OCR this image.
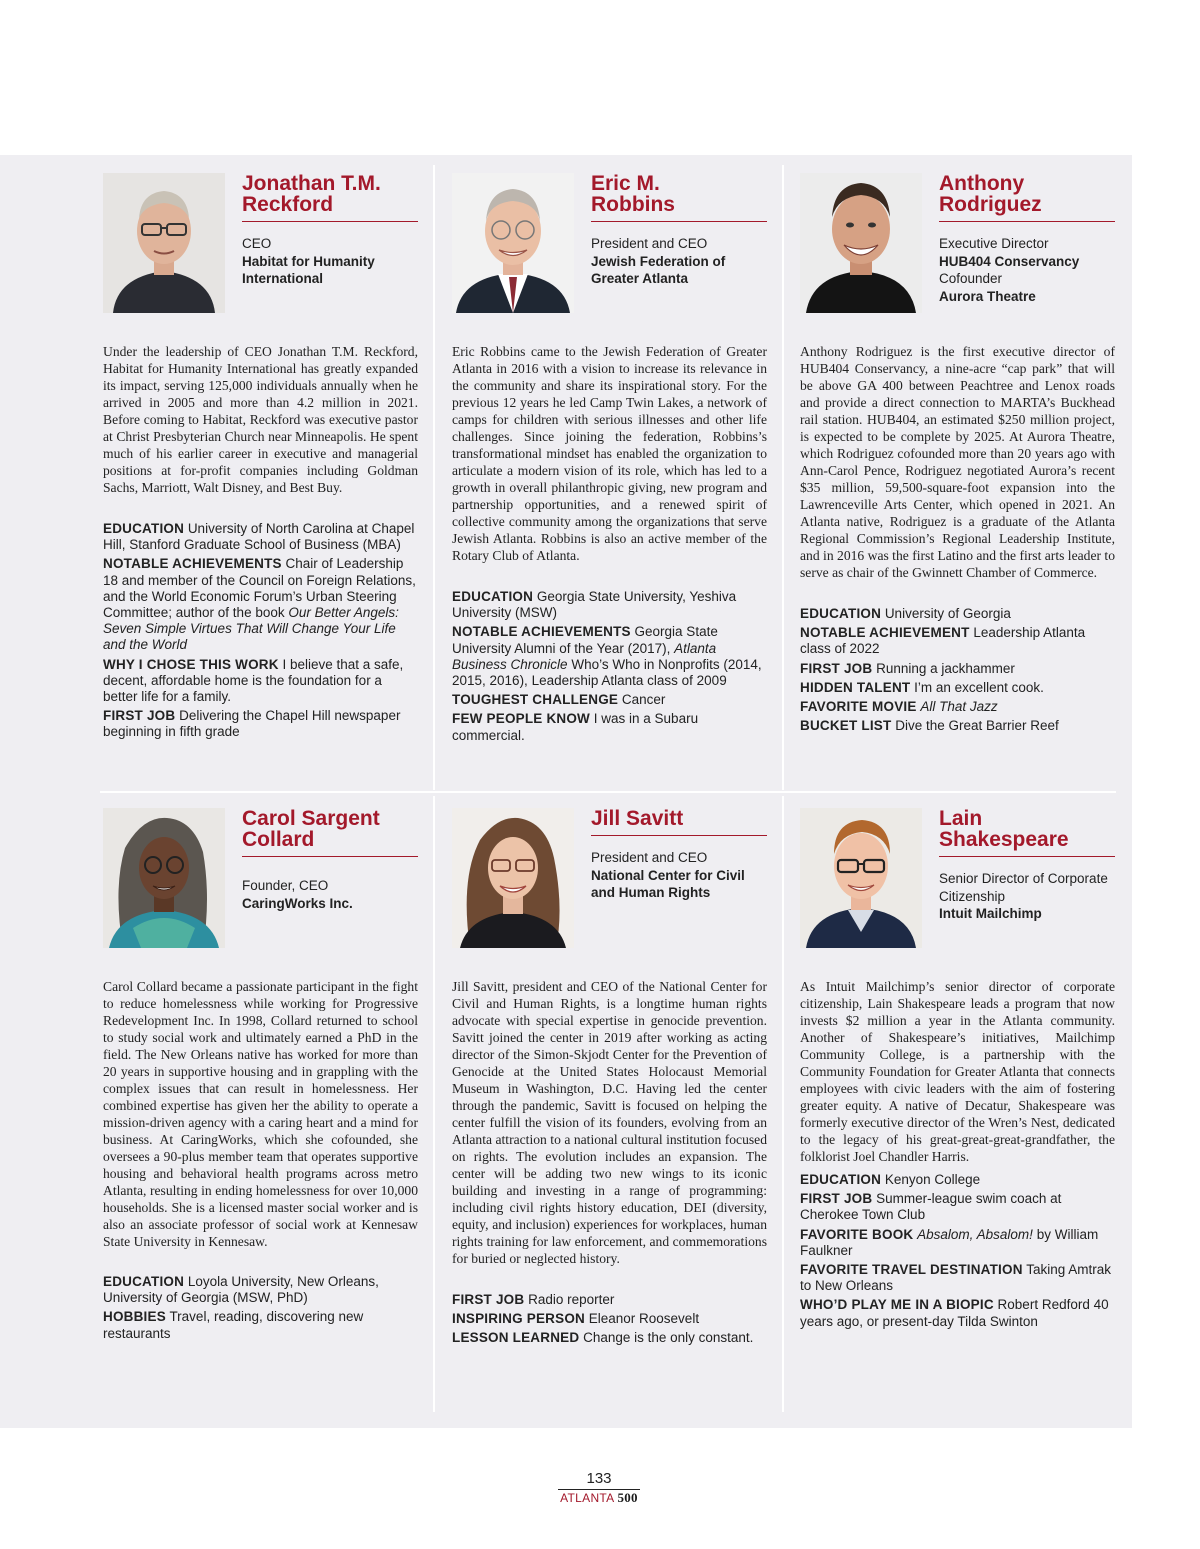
Jonathan T.M.
Reckford
CEO
Habitat for Humanity International

Under the leadership of CEO Jonathan T.M. Reckford, Habitat for Humanity International has greatly expanded its impact, serving 125,000 individuals annually when he arrived in 2005 and more than 4.2 million in 2021. Before coming to Habitat, Reckford was executive pastor at Christ Presbyterian Church near Minneapolis. He spent much of his earlier career in executive and managerial positions at for-profit companies including Goldman Sachs, Marriott, Walt Disney, and Best Buy.

EDUCATION University of North Carolina at Chapel Hill, Stanford Graduate School of Business (MBA)

NOTABLE ACHIEVEMENTS Chair of Leadership 18 and member of the Council on Foreign Relations, and the World Economic Forum’s Urban Steering Committee; author of the book Our Better Angels: Seven Simple Virtues That Will Change Your Life and the World

WHY I CHOSE THIS WORK I believe that a safe, decent, affordable home is the foundation for a better life for a family.

FIRST JOB Delivering the Chapel Hill newspaper beginning in fifth grade

Eric M.
Robbins
President and CEO
Jewish Federation of Greater Atlanta

Eric Robbins came to the Jewish Federation of Greater Atlanta in 2016 with a vision to increase its relevance in the community and share its inspirational story. For the previous 12 years he led Camp Twin Lakes, a network of camps for children with serious illnesses and other life challenges. Since joining the federation, Robbins’s transformational mindset has enabled the organization to articulate a modern vision of its role, which has led to a growth in overall philanthropic giving, new program and partnership opportunities, and a renewed spirit of collective community among the organizations that serve Jewish Atlanta. Robbins is also an active member of the Rotary Club of Atlanta.

EDUCATION Georgia State University, Yeshiva University (MSW)

NOTABLE ACHIEVEMENTS Georgia State University Alumni of the Year (2017), Atlanta Business Chronicle Who’s Who in Nonprofits (2014, 2015, 2016), Leadership Atlanta class of 2009

TOUGHEST CHALLENGE Cancer

FEW PEOPLE KNOW I was in a Subaru commercial.

Anthony
Rodriguez
Executive Director
HUB404 Conservancy
Cofounder
Aurora Theatre

Anthony Rodriguez is the first executive director of HUB404 Conservancy, a nine-acre “cap park” that will be above GA 400 between Peachtree and Lenox roads and provide a direct connection to MARTA’s Buckhead rail station. HUB404, an estimated $250 million project, is expected to be complete by 2025. At Aurora Theatre, which Rodriguez cofounded more than 20 years ago with Ann-Carol Pence, Rodriguez negotiated Aurora’s recent $35 million, 59,500-square-foot expansion into the Lawrenceville Arts Center, which opened in 2021. An Atlanta native, Rodriguez is a graduate of the Atlanta Regional Commission’s Regional Leadership Institute, and in 2016 was the first Latino and the first arts leader to serve as chair of the Gwinnett Chamber of Commerce.

EDUCATION University of Georgia

NOTABLE ACHIEVEMENT Leadership Atlanta class of 2022

FIRST JOB Running a jackhammer

HIDDEN TALENT I’m an excellent cook.

FAVORITE MOVIE All That Jazz

BUCKET LIST Dive the Great Barrier Reef

Carol Sargent
Collard
Founder, CEO
CaringWorks Inc.

Carol Collard became a passionate participant in the fight to reduce homelessness while working for Progressive Redevelopment Inc. In 1998, Collard returned to school to study social work and ultimately earned a PhD in the field. The New Orleans native has worked for more than 20 years in supportive housing and in grappling with the complex issues that can result in homelessness. Her combined expertise has given her the ability to operate a mission-driven agency with a caring heart and a mind for business. At CaringWorks, which she cofounded, she oversees a 90-plus member team that operates supportive housing and behavioral health programs across metro Atlanta, resulting in ending homelessness for over 10,000 households. She is a licensed master social worker and is also an associate professor of social work at Kennesaw State University in Kennesaw.

EDUCATION Loyola University, New Orleans, University of Georgia (MSW, PhD)

HOBBIES Travel, reading, discovering new restaurants

Jill Savitt
President and CEO
National Center for Civil and Human Rights

Jill Savitt, president and CEO of the National Center for Civil and Human Rights, is a longtime human rights advocate with special expertise in genocide prevention. Savitt joined the center in 2019 after working as acting director of the Simon-Skjodt Center for the Prevention of Genocide at the United States Holocaust Memorial Museum in Washington, D.C. Having led the center through the pandemic, Savitt is focused on helping the center fulfill the vision of its founders, evolving from an Atlanta attraction to a national cultural institution focused on rights. The evolution includes an expansion. The center will be adding two new wings to its iconic building and investing in a range of programming: including civil rights history education, DEI (diversity, equity, and inclusion) experiences for workplaces, human rights training for law enforcement, and commemorations for buried or neglected history.

FIRST JOB Radio reporter

INSPIRING PERSON Eleanor Roosevelt

LESSON LEARNED Change is the only constant.

Lain
Shakespeare
Senior Director of Corporate Citizenship
Intuit Mailchimp

As Intuit Mailchimp’s senior director of corporate citizenship, Lain Shakespeare leads a program that now invests $2 million a year in the Atlanta community. Another of Shakespeare’s initiatives, Mailchimp Community College, is a partnership with the Community Foundation for Greater Atlanta that connects employees with civic leaders with the aim of fostering greater equity. A native of Decatur, Shakespeare was formerly executive director of the Wren’s Nest, dedicated to the legacy of his great-great-great-grandfather, the folklorist Joel Chandler Harris.

EDUCATION Kenyon College

FIRST JOB Summer-league swim coach at Cherokee Town Club

FAVORITE BOOK Absalom, Absalom! by William Faulkner

FAVORITE TRAVEL DESTINATION Taking Amtrak to New Orleans

WHO’D PLAY ME IN A BIOPIC Robert Redford 40 years ago, or present-day Tilda Swinton

133
ATLANTA 500
